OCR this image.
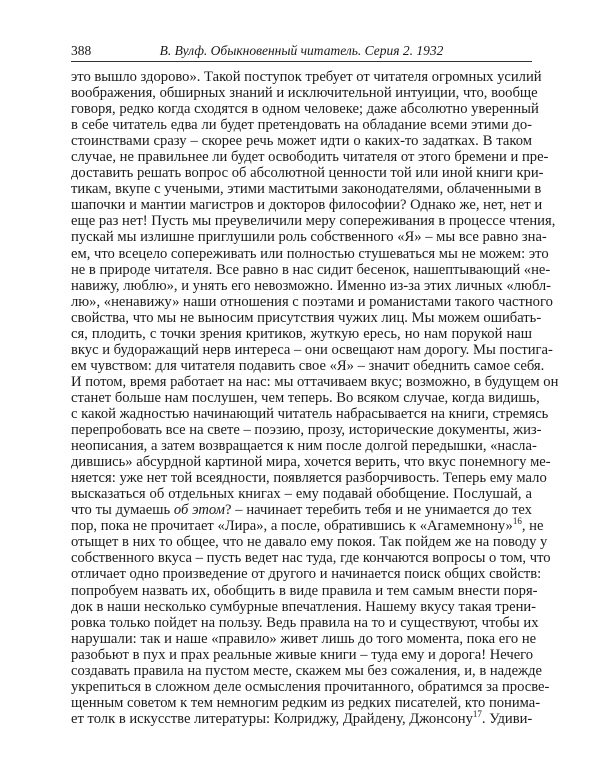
388	В. Вулф. Обыкновенный читатель. Серия 2. 1932
это вышло здорово». Такой поступок требует от читателя огромных усилий
воображения, обширных знаний и исключительной интуиции, что, вообще
говоря, редко когда сходятся в одном человеке; даже абсолютно уверенный
в себе читатель едва ли будет претендовать на обладание всеми этими до-
стоинствами сразу – скорее речь может идти о каких-то задатках. В таком
случае, не правильнее ли будет освободить читателя от этого бремени и пре-
доставить решать вопрос об абсолютной ценности той или иной книги кри-
тикам, вкупе с учеными, этими маститыми законодателями, облаченными в
шапочки и мантии магистров и докторов философии? Однако же, нет, нет и
еще раз нет! Пусть мы преувеличили меру сопереживания в процессе чтения,
пускай мы излишне приглушили роль собственного «Я» – мы все равно зна-
ем, что всецело сопереживать или полностью стушеваться мы не можем: это
не в природе читателя. Все равно в нас сидит бесенок, нашептывающий «не-
навижу, люблю», и унять его невозможно. Именно из-за этих личных «любл-
лю», «ненавижу» наши отношения с поэтами и романистами такого частного
свойства, что мы не выносим присутствия чужих лиц. Мы можем ошибать-
ся, плодить, с точки зрения критиков, жуткую ересь, но нам порукой наш
вкус и будоражащий нерв интереса – они освещают нам дорогу. Мы постига-
ем чувством: для читателя подавить свое «Я» – значит обеднить самое себя.
И потом, время работает на нас: мы оттачиваем вкус; возможно, в будущем он
станет больше нам послушен, чем теперь. Во всяком случае, когда видишь,
с какой жадностью начинающий читатель набрасывается на книги, стремясь
перепробовать все на свете – поэзию, прозу, исторические документы, жиз-
неописания, а затем возвращается к ним после долгой передышки, «насла-
дившись» абсурдной картиной мира, хочется верить, что вкус понемногу ме-
няется: уже нет той всеядности, появляется разборчивость. Теперь ему мало
высказаться об отдельных книгах – ему подавай обобщение. Послушай, а
что ты думаешь об этом? – начинает теребить тебя и не унимается до тех
пор, пока не прочитает «Лира», а после, обратившись к «Агамемнону»$^{16}$, не
отыщет в них то общее, что не давало ему покоя. Так пойдем же на поводу у
собственного вкуса – пусть ведет нас туда, где кончаются вопросы о том, что
отличает одно произведение от другого и начинается поиск общих свойств:
попробуем назвать их, обобщить в виде правила и тем самым внести поря-
док в наши несколько сумбурные впечатления. Нашему вкусу такая трени-
ровка только пойдет на пользу. Ведь правила на то и существуют, чтобы их
нарушали: так и наше «правило» живет лишь до того момента, пока его не
разобьют в пух и прах реальные живые книги – туда ему и дорога! Нечего
создавать правила на пустом месте, скажем мы без сожаления, и, в надежде
укрепиться в сложном деле осмысления прочитанного, обратимся за просве-
щенным советом к тем немногим редким из редких писателей, кто понима-
ет толк в искусстве литературы: Колриджу, Драйдену, Джонсону$^{17}$. Удиви-
